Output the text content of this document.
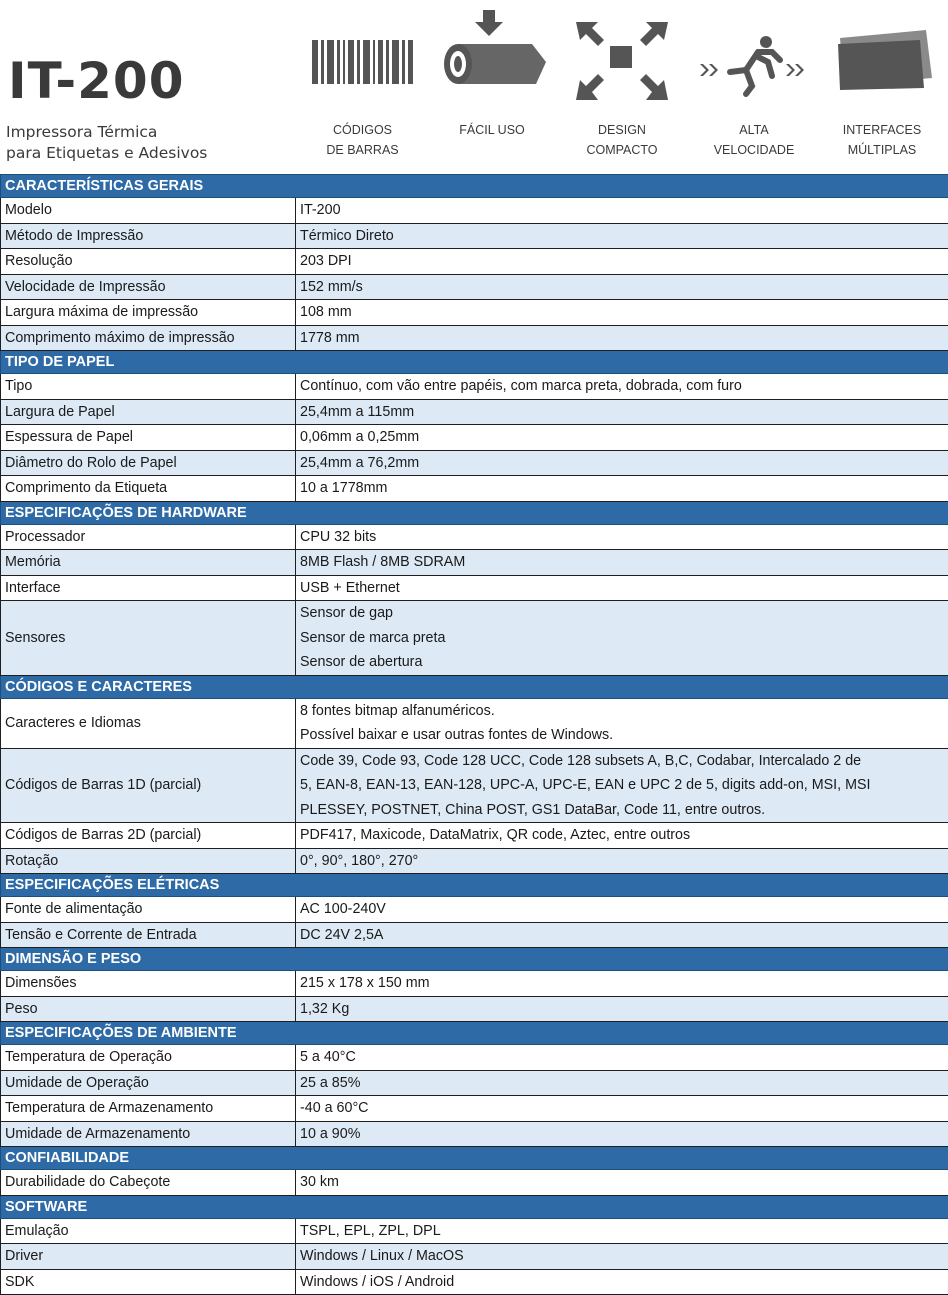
IT-200
Impressora Térmica
para Etiquetas e Adesivos
CÓDIGOS
DE BARRAS
FÁCIL USO	DESIGN
COMPACTO
ALTA
VELOCIDADE
INTERFACES
MÚLTIPLAS
CARACTERÍSTICAS GERAIS	
Modelo	IT-200

Método de Impressão	Térmico Direto

Resolução	203 DPI

Velocidade de Impressão	152 mm/s

Largura máxima de impressão	108 mm

Comprimento máximo de impressão	1778 mm

TIPO DE PAPEL	
Tipo	Contínuo, com vão entre papéis, com marca preta, dobrada, com furo

Largura de Papel	25,4mm a 115mm

Espessura de Papel	0,06mm a 0,25mm

Diâmetro do Rolo de Papel	25,4mm a 76,2mm

Comprimento da Etiqueta	10 a 1778mm

ESPECIFICAÇÕES DE HARDWARE	
Processador	CPU 32 bits

Memória	8MB Flash / 8MB SDRAM

Interface	USB + Ethernet

Sensores	Sensor de gap
Sensor de marca preta
Sensor de abertura

CÓDIGOS E CARACTERES	
Caracteres e Idiomas	8 fontes bitmap alfanuméricos.
Possível baixar e usar outras fontes de Windows.

Códigos de Barras 1D (parcial)	Code 39, Code 93, Code 128 UCC, Code 128 subsets A, B,C, Codabar, Intercalado 2 de
5, EAN-8, EAN-13, EAN-128, UPC-A, UPC-E, EAN e UPC 2 de 5, digits add-on, MSI, MSI
PLESSEY, POSTNET, China POST, GS1 DataBar, Code 11, entre outros.

Códigos de Barras 2D (parcial)	PDF417, Maxicode, DataMatrix, QR code, Aztec, entre outros

Rotação	0°, 90°, 180°, 270°

ESPECIFICAÇÕES ELÉTRICAS	
Fonte de alimentação	AC 100-240V

Tensão e Corrente de Entrada	DC 24V 2,5A

DIMENSÃO E PESO	
Dimensões	215 x 178 x 150 mm

Peso	1,32 Kg

ESPECIFICAÇÕES DE AMBIENTE	
Temperatura de Operação	5 a 40°C

Umidade de Operação	25 a 85%

Temperatura de Armazenamento	-40 a 60°C

Umidade de Armazenamento	10 a 90%

CONFIABILIDADE	
Durabilidade do Cabeçote	30 km

SOFTWARE	
Emulação	TSPL, EPL, ZPL, DPL

Driver	Windows / Linux / MacOS

SDK	Windows / iOS / Android
